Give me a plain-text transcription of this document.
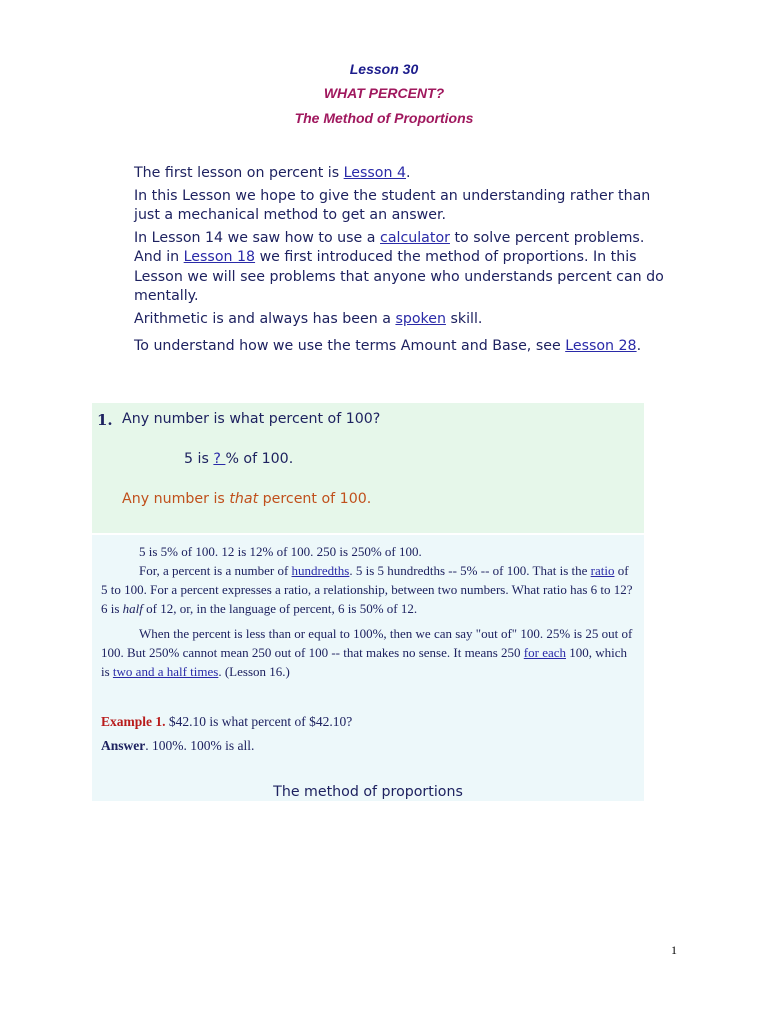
Lesson 30
WHAT PERCENT?
The Method of Proportions

The first lesson on percent is Lesson 4.

In this Lesson we hope to give the student an understanding rather than just a mechanical method to get an answer.

In Lesson 14 we saw how to use a calculator to solve percent problems. And in Lesson 18 we first introduced the method of proportions. In this Lesson we will see problems that anyone who understands percent can do mentally.

Arithmetic is and always has been a spoken skill.

To understand how we use the terms Amount and Base, see Lesson 28.

1. Any number is what percent of 100?
5 is ? % of 100.
Any number is that percent of 100.

5 is 5% of 100. 12 is 12% of 100. 250 is 250% of 100.

For, a percent is a number of hundredths. 5 is 5 hundredths -- 5% -- of 100. That is the ratio of 5 to 100. For a percent expresses a ratio, a relationship, between two numbers. What ratio has 6 to 12? 6 is half of 12, or, in the language of percent, 6 is 50% of 12.

When the percent is less than or equal to 100%, then we can say "out of" 100. 25% is 25 out of 100. But 250% cannot mean 250 out of 100 -- that makes no sense. It means 250 for each 100, which is two and a half times. (Lesson 16.)

Example 1. $42.10 is what percent of $42.10?
Answer. 100%. 100% is all.
The method of proportions
1
